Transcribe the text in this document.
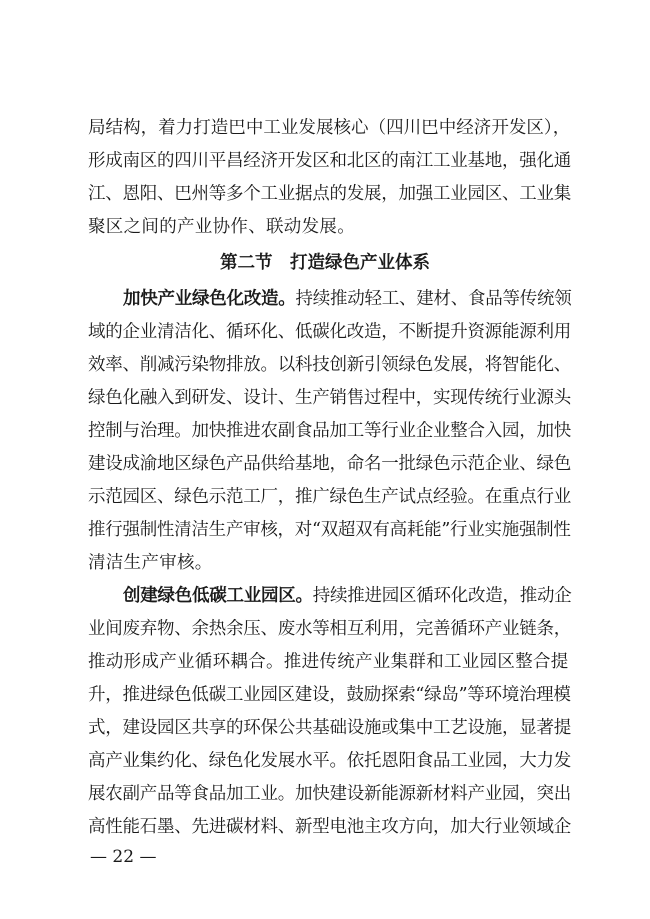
局结构，着力打造巴中工业发展核心（四川巴中经济开发区），
形成南区的四川平昌经济开发区和北区的南江工业基地，强化通
江、恩阳、巴州等多个工业据点的发展，加强工业园区、工业集
聚区之间的产业协作、联动发展。
第二节　打造绿色产业体系
加快产业绿色化改造。持续推动轻工、建材、食品等传统领
域的企业清洁化、循环化、低碳化改造，不断提升资源能源利用
效率、削减污染物排放。以科技创新引领绿色发展，将智能化、
绿色化融入到研发、设计、生产销售过程中，实现传统行业源头
控制与治理。加快推进农副食品加工等行业企业整合入园，加快
建设成渝地区绿色产品供给基地，命名一批绿色示范企业、绿色
示范园区、绿色示范工厂，推广绿色生产试点经验。在重点行业
推行强制性清洁生产审核，对“双超双有高耗能”行业实施强制性
清洁生产审核。
创建绿色低碳工业园区。持续推进园区循环化改造，推动企
业间废弃物、余热余压、废水等相互利用，完善循环产业链条，
推动形成产业循环耦合。推进传统产业集群和工业园区整合提
升，推进绿色低碳工业园区建设，鼓励探索“绿岛”等环境治理模
式，建设园区共享的环保公共基础设施或集中工艺设施，显著提
高产业集约化、绿色化发展水平。依托恩阳食品工业园，大力发
展农副产品等食品加工业。加快建设新能源新材料产业园，突出
高性能石墨、先进碳材料、新型电池主攻方向，加大行业领域企
— 22 —
